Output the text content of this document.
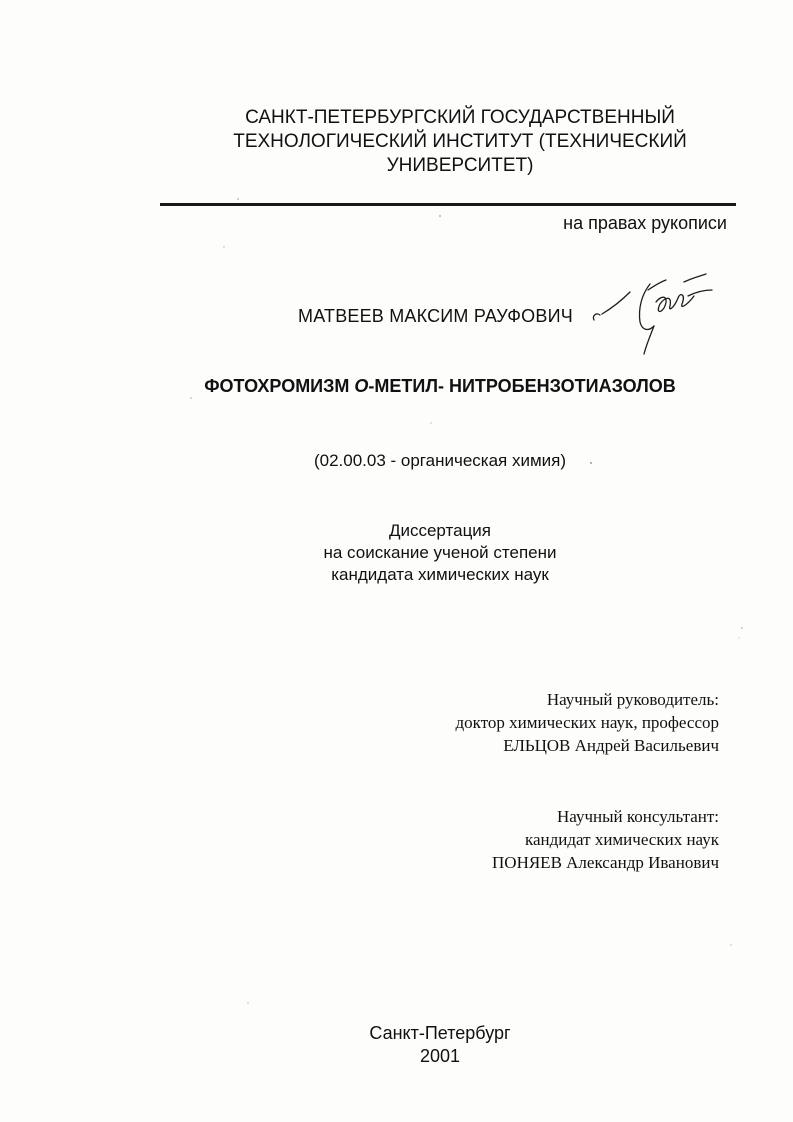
САНКТ-ПЕТЕРБУРГСКИЙ ГОСУДАРСТВЕННЫЙ
ТЕХНОЛОГИЧЕСКИЙ ИНСТИТУТ (ТЕХНИЧЕСКИЙ
УНИВЕРСИТЕТ)
на правах рукописи
МАТВЕЕВ МАКСИМ РАУФОВИЧ
ФОТОХРОМИЗМ О-МЕТИЛ- НИТРОБЕНЗОТИАЗОЛОВ
(02.00.03 - органическая химия)
Диссертация
на соискание ученой степени
кандидата химических наук
Научный руководитель:
доктор химических наук, профессор
ЕЛЬЦОВ Андрей Васильевич
Научный консультант:
кандидат химических наук
ПОНЯЕВ Александр Иванович
Санкт-Петербург
2001
